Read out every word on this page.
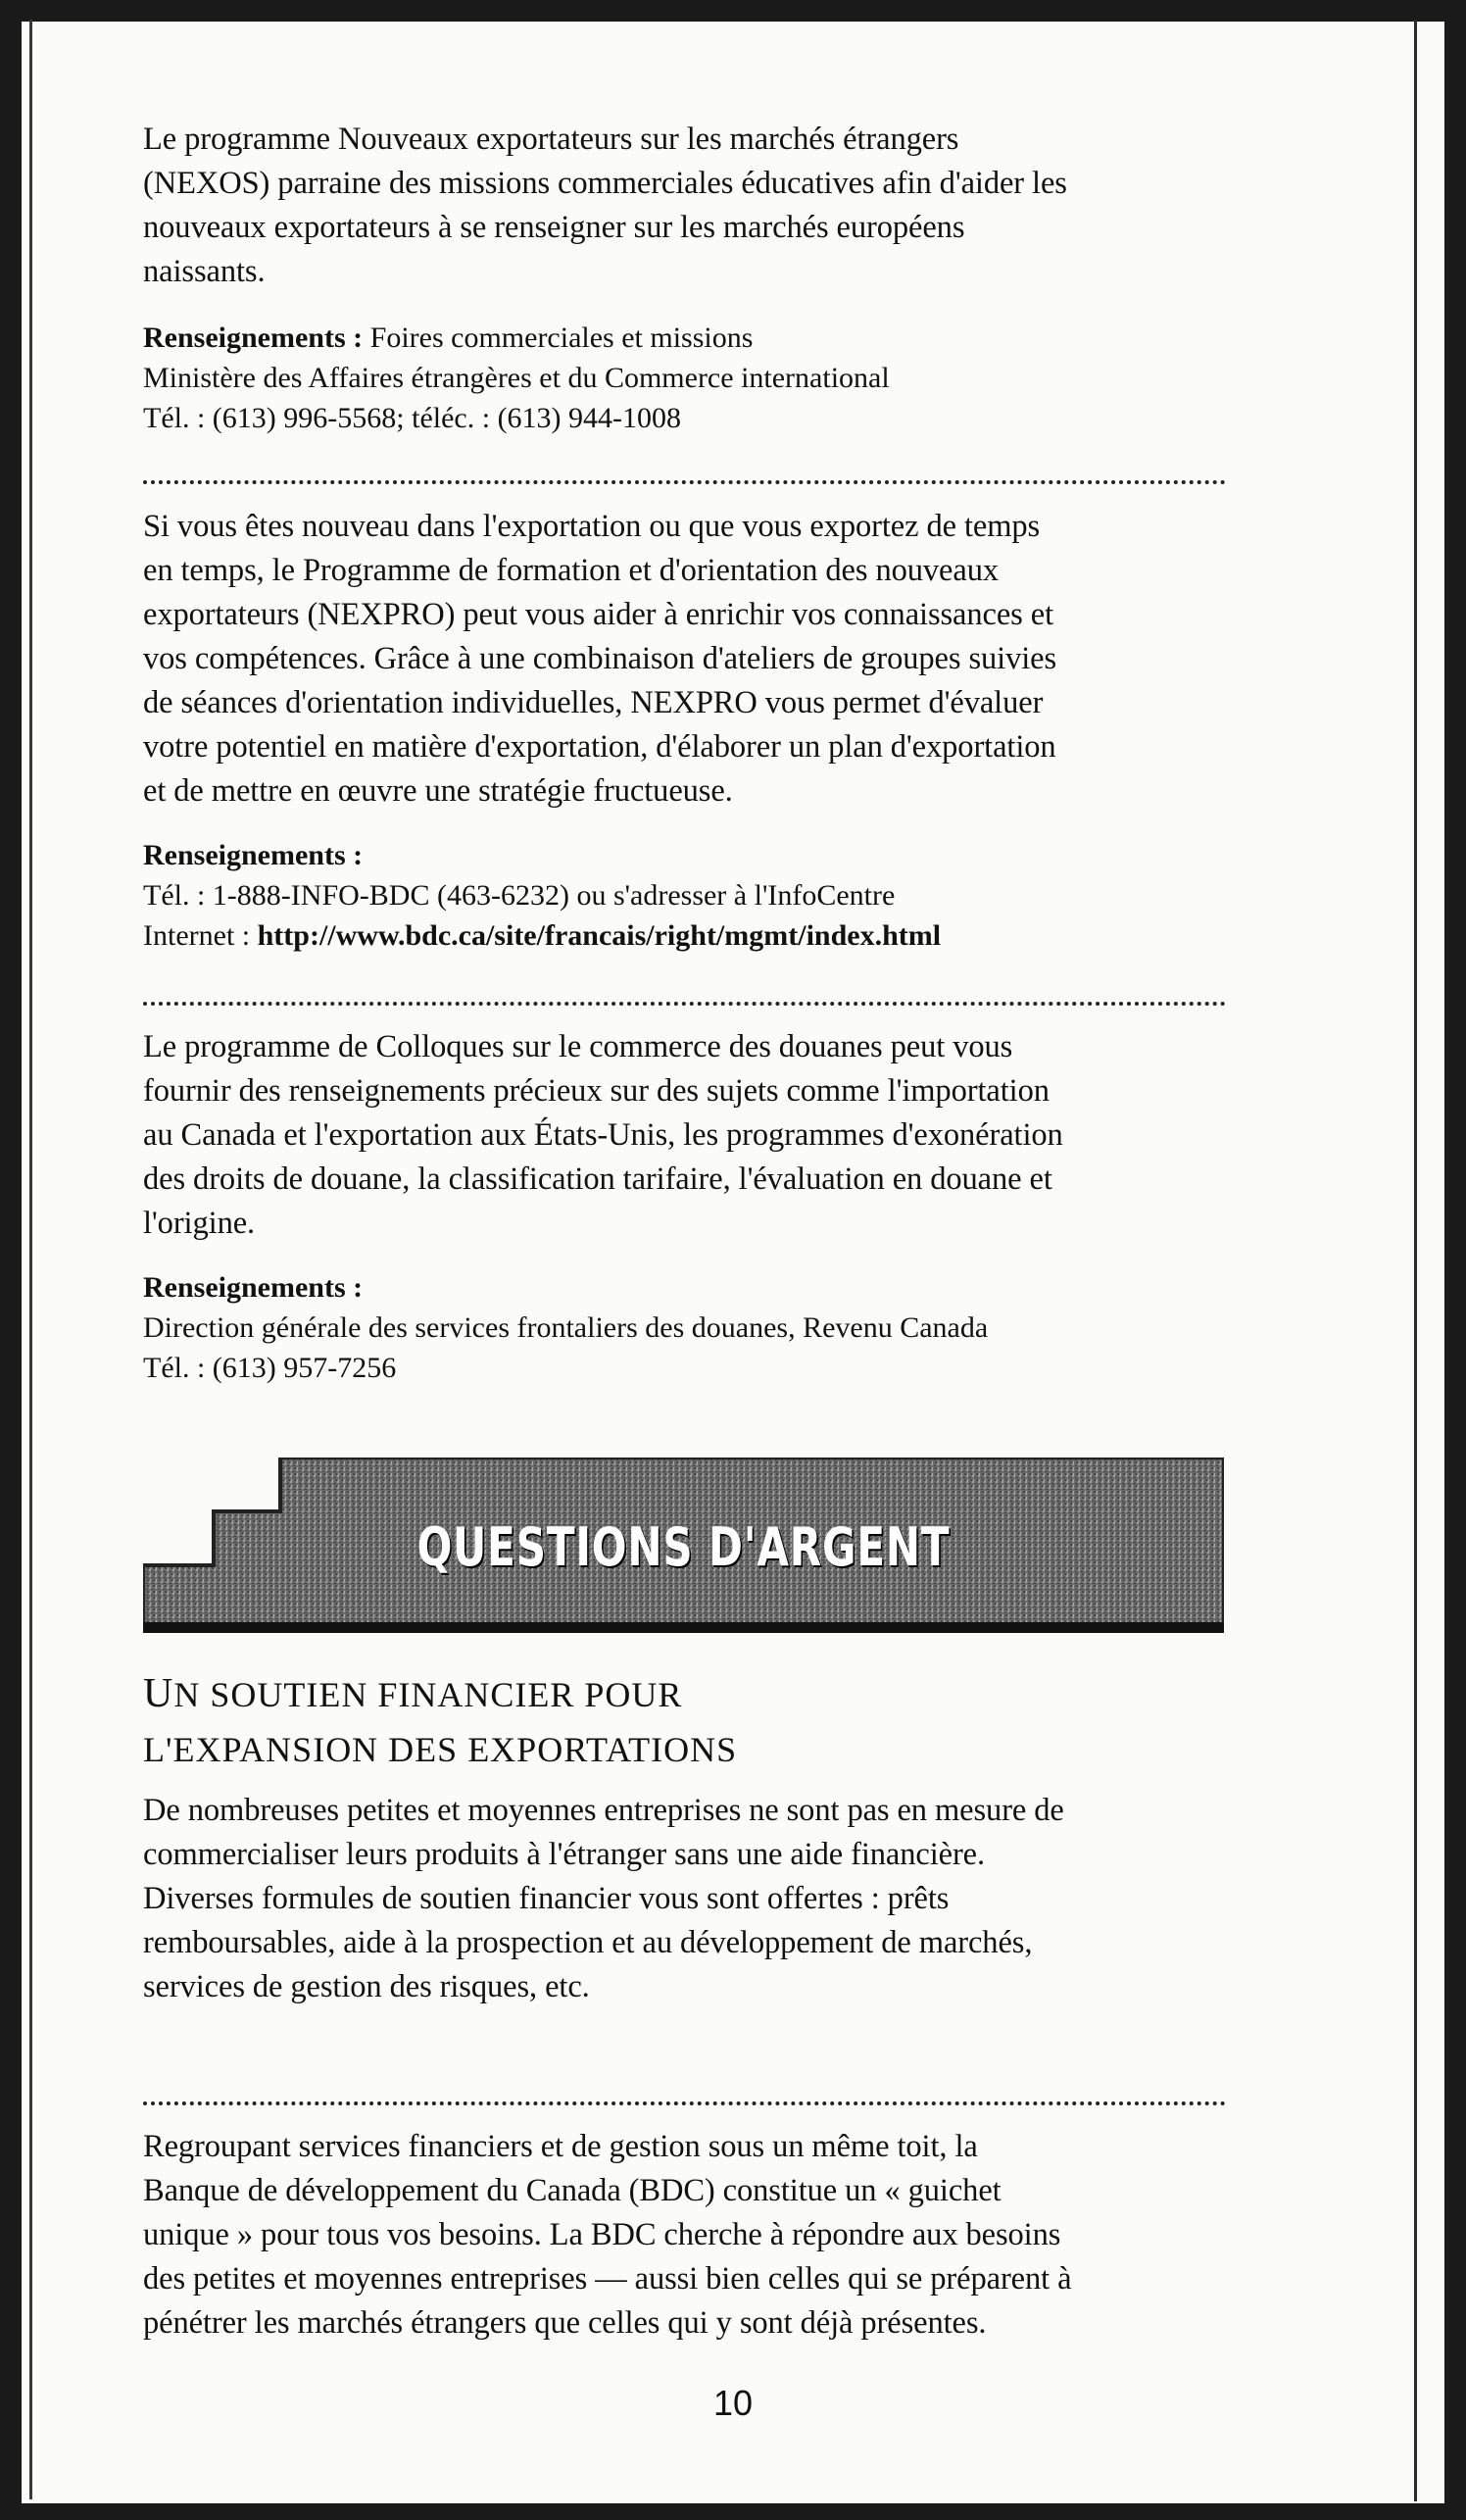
Le programme Nouveaux exportateurs sur les marchés étrangers
(NEXOS) parraine des missions commerciales éducatives afin d'aider les
nouveaux exportateurs à se renseigner sur les marchés européens
naissants.

Renseignements : Foires commerciales et missions
Ministère des Affaires étrangères et du Commerce international
Tél. : (613) 996-5568; téléc. : (613) 944-1008

Si vous êtes nouveau dans l'exportation ou que vous exportez de temps
en temps, le Programme de formation et d'orientation des nouveaux
exportateurs (NEXPRO) peut vous aider à enrichir vos connaissances et
vos compétences. Grâce à une combinaison d'ateliers de groupes suivies
de séances d'orientation individuelles, NEXPRO vous permet d'évaluer
votre potentiel en matière d'exportation, d'élaborer un plan d'exportation
et de mettre en œuvre une stratégie fructueuse.

Renseignements :
Tél. : 1-888-INFO-BDC (463-6232) ou s'adresser à l'InfoCentre
Internet : http://www.bdc.ca/site/francais/right/mgmt/index.html

Le programme de Colloques sur le commerce des douanes peut vous
fournir des renseignements précieux sur des sujets comme l'importation
au Canada et l'exportation aux États-Unis, les programmes d'exonération
des droits de douane, la classification tarifaire, l'évaluation en douane et
l'origine.

Renseignements :
Direction générale des services frontaliers des douanes, Revenu Canada
Tél. : (613) 957-7256

QUESTIONS D'ARGENT

UN SOUTIEN FINANCIER POUR
L'EXPANSION DES EXPORTATIONS

De nombreuses petites et moyennes entreprises ne sont pas en mesure de
commercialiser leurs produits à l'étranger sans une aide financière.
Diverses formules de soutien financier vous sont offertes : prêts
remboursables, aide à la prospection et au développement de marchés,
services de gestion des risques, etc.

Regroupant services financiers et de gestion sous un même toit, la
Banque de développement du Canada (BDC) constitue un « guichet
unique » pour tous vos besoins. La BDC cherche à répondre aux besoins
des petites et moyennes entreprises — aussi bien celles qui se préparent à
pénétrer les marchés étrangers que celles qui y sont déjà présentes.

10
